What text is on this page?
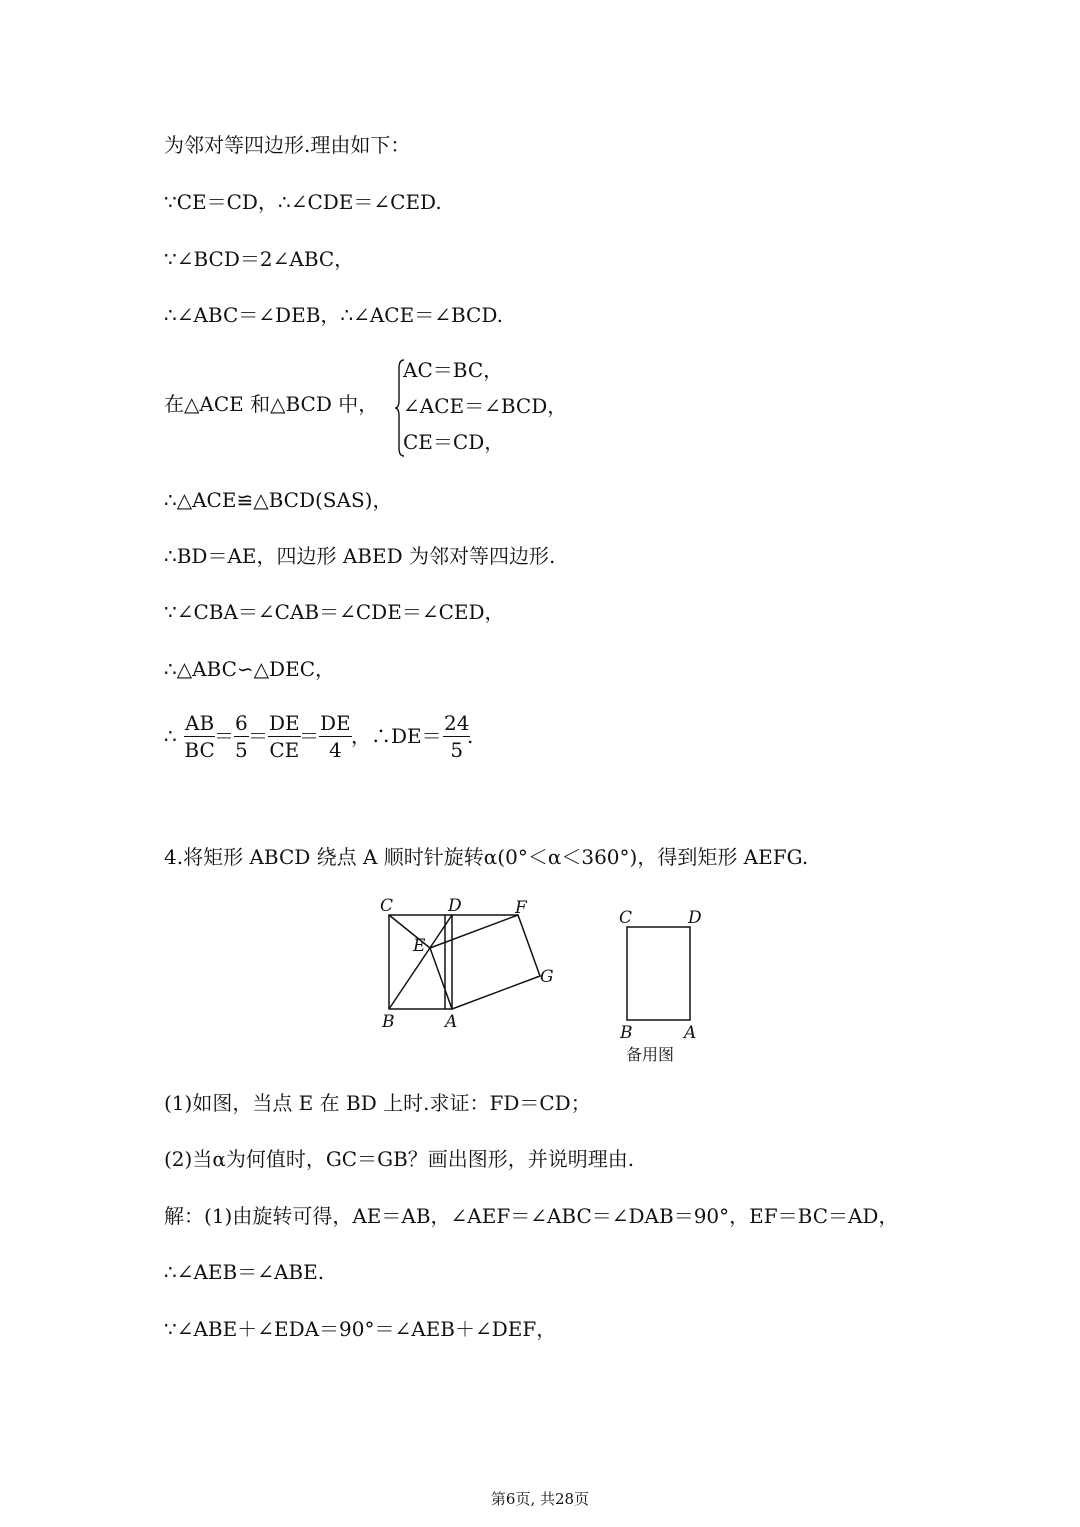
为邻对等四边形.理由如下：
∵CE＝CD，∴∠CDE＝∠CED.
∵∠BCD＝2∠ABC，
∴∠ABC＝∠DEB，∴∠ACE＝∠BCD.
在△ACE 和△BCD 中，
AC＝BC，
∠ACE＝∠BCD，
CE＝CD，
∴△ACE≌△BCD(SAS)，
∴BD＝AE，四边形 ABED 为邻对等四边形.
∵∠CBA＝∠CAB＝∠CDE＝∠CED，
∴△ABC∽△DEC，
∴ $\frac{AB}{BC}$
＝ $\frac{6}{5} = \frac{DE}{CE}$
＝ $\frac{DE}{4}$ ，∴DE＝ $\frac{24}{5}$
.
4.将矩形 ABCD 绕点 A 顺时针旋转α(0°＜α＜360°)，得到矩形 AEFG.
C	D	F
E
G
B	A
C	D
B	A
备用图
(1)如图，当点 E 在 BD 上时.求证：FD＝CD；
(2)当α为何值时，GC＝GB？画出图形，并说明理由.
解：(1)由旋转可得，AE＝AB，∠AEF＝∠ABC＝∠DAB＝90°，EF＝BC＝AD，
∴∠AEB＝∠ABE.
∵∠ABE＋∠EDA＝90°＝∠AEB＋∠DEF，
第6页, 共28页
